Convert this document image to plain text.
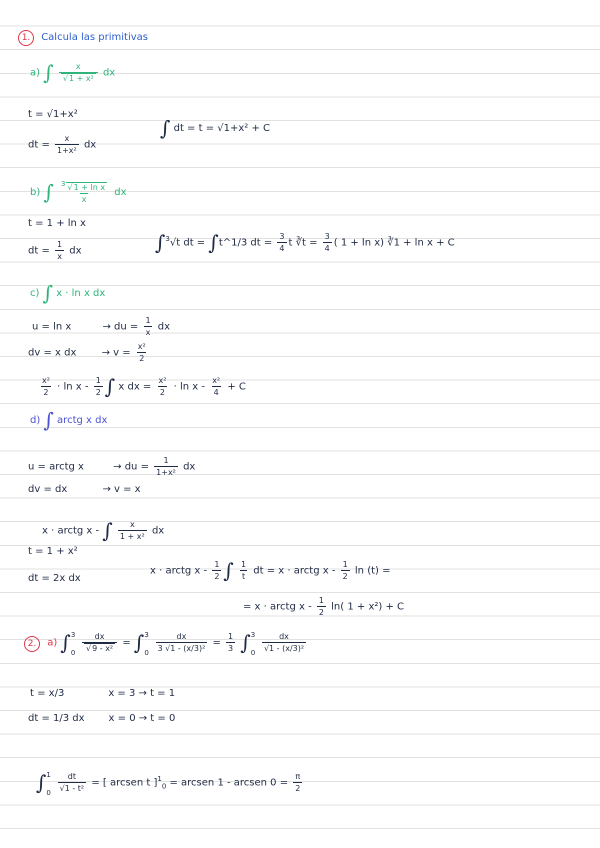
1. Calcula las primitivas
a) ∫ x
√ 1 + x² dx
t = √1+x²
dt = $\frac{x}{\text{1+x²}}$ dx
∫ dt = t = √1+x² + C
b) ∫ $\frac{\text{3√ 1 + ln x}}{x}$ dx
t = 1 + ln x
dt = $\frac{1}{x}$ dx	∫$^3$√t dt = ∫t^1/3 dt = $\frac{3}{4}$ t ∛t = $\frac{3}{4}$ ( 1 + ln x) ∛1 + ln x + C
c) ∫ x · ln x dx
u = ln x	→ du = $\frac{1}{x}$ dx
dv = x dx	→ $v = \frac{\text{x²}}{2}$
$\frac{\text{x²}}{2} \cdot \ln x - \frac{1}{2}$ ∫ x dx = $\frac{\text{x²}}{2} \cdot \ln x - \frac{\text{x²}}{4} + C$
d) ∫ arctg x dx
u = arctg x	→ du = $\frac{1}{\text{1+x²}}$ dx
dv = dx	→ v = x
x · arctg x - ∫ $\frac{x}{\text{1 + x²}}$ dx
t = 1 + x²
dt = 2x dx
x · arctg x - $\frac{1}{2}$ ∫ $\frac{1}{t}$ dt = x · arctg x - $\frac{1}{2}$ ln (t) =
= x · arctg x - $\frac{1}{2} \ln$( 1 + x²) + C
2. a) ∫ 3
0
dx
√ 9 - x² = ∫ 3
0
$\frac{dx}{\text{3 √1 - (x/3)²}} = \frac{1}{3}$ ∫ 3
0
$\frac{dx}{\text{√1 - (x/3)²}}$
t = x/3	x = 3 → t = 1
dt = 1/3 dx x = 0 → t = 0
∫ 1
0
$\frac{dt}{\text{√1 - t²}}$ = [ arcsen t ]$^1_0$ = arcsen 1 - arcsen $0 = \frac{\pi}{2}$
